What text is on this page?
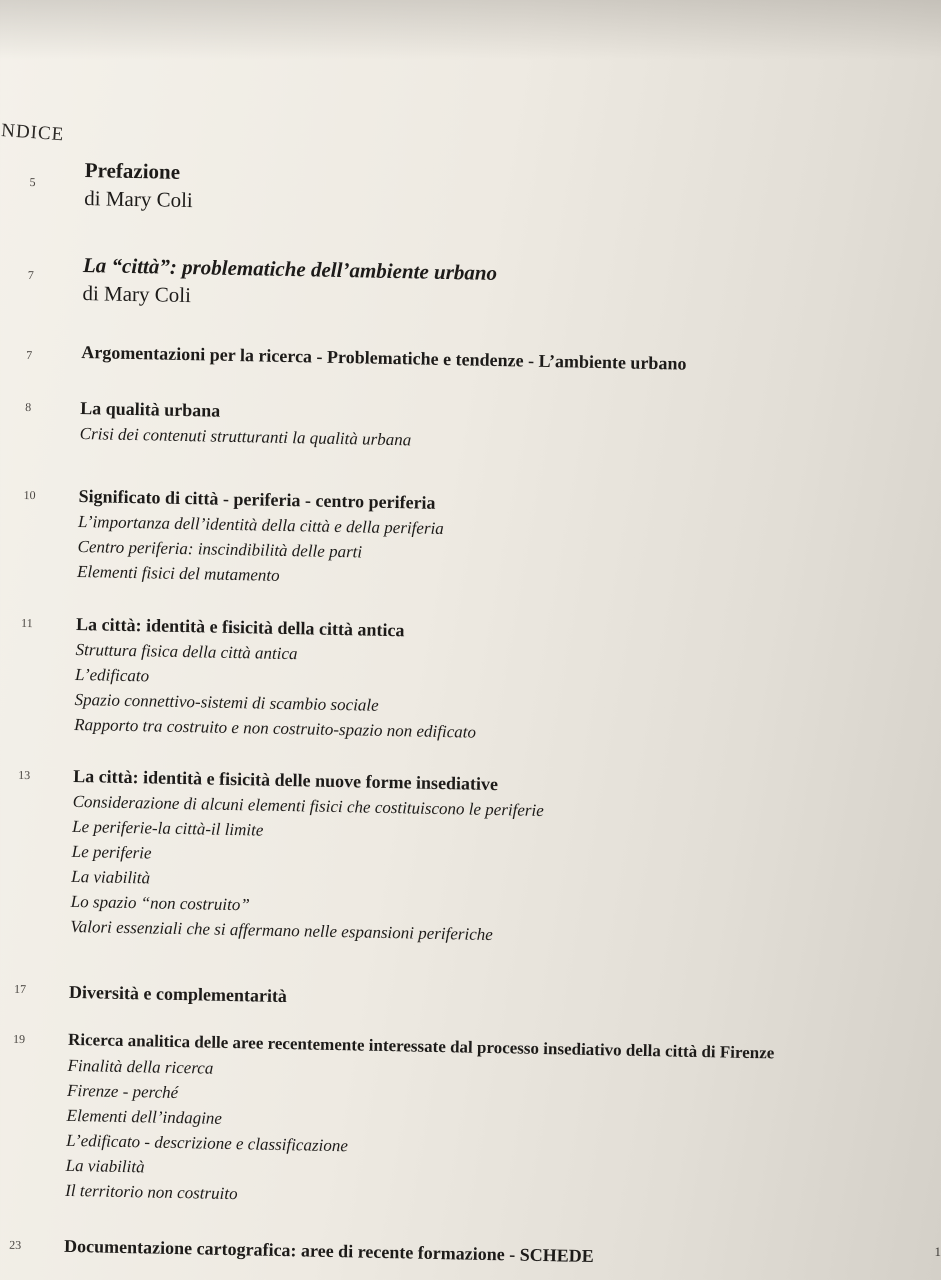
NDICE
5	Prefazione
di Mary Coli
7	La “città”: problematiche dell’ambiente urbano
di Mary Coli
7	Argomentazioni per la ricerca - Problematiche e tendenze - L’ambiente urbano
8	La qualità urbana
Crisi dei contenuti strutturanti la qualità urbana
10	Significato di città - periferia - centro periferia
L’importanza dell’identità della città e della periferia
Centro periferia: inscindibilità delle parti
Elementi fisici del mutamento
11	La città: identità e fisicità della città antica
Struttura fisica della città antica
L’edificato
Spazio connettivo-sistemi di scambio sociale
Rapporto tra costruito e non costruito-spazio non edificato
13	La città: identità e fisicità delle nuove forme insediative
Considerazione di alcuni elementi fisici che costituiscono le periferie
Le periferie-la città-il limite
Le periferie
La viabilità
Lo spazio “non costruito”
Valori essenziali che si affermano nelle espansioni periferiche
17	Diversità e complementarità
19	Ricerca analitica delle aree recentemente interessate dal processo insediativo della città di Firenze
Finalità della ricerca
Firenze - perché
Elementi dell’indagine
L’edificato - descrizione e classificazione
La viabilità
Il territorio non costruito
23	Documentazione cartografica: aree di recente formazione - SCHEDE	1
